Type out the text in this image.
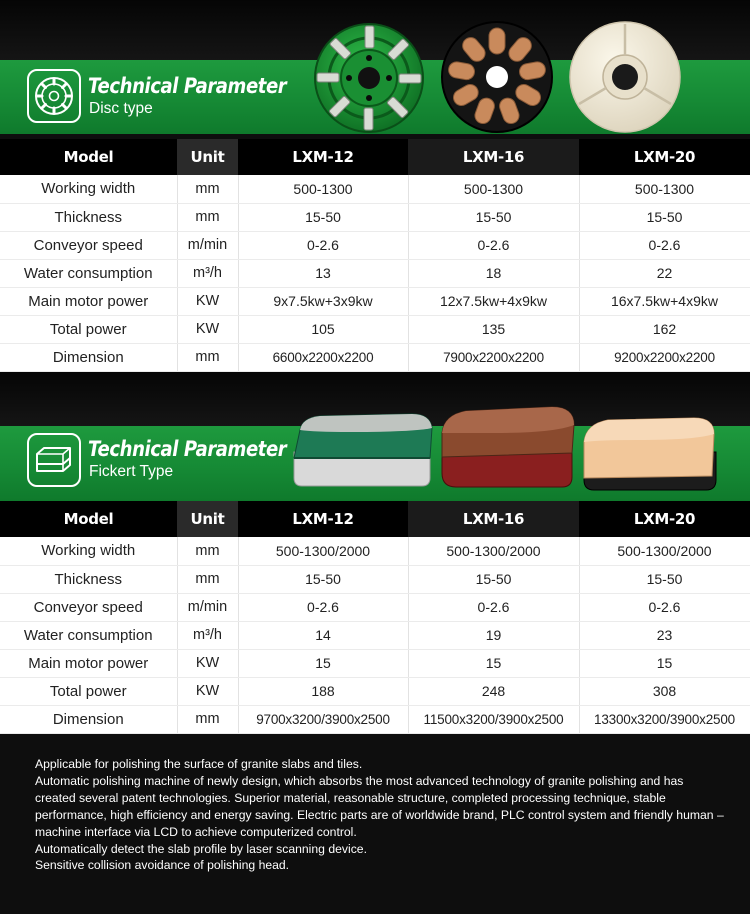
Technical Parameter
Disc type
Model	Unit	LXM-12	LXM-16	LXM-20
Working width	mm	500-1300	500-1300	500-1300
Thickness	mm	15-50	15-50	15-50
Conveyor speed	m/min	0-2.6	0-2.6	0-2.6
Water consumption	m³/h	13	18	22
Main motor power	KW	9x7.5kw+3x9kw	12x7.5kw+4x9kw	16x7.5kw+4x9kw
Total power	KW	105	135	162
Dimension	mm	6600x2200x2200	7900x2200x2200	9200x2200x2200
Technical Parameter
Fickert Type
Model	Unit	LXM-12	LXM-16	LXM-20
Working width	mm	500-1300/2000	500-1300/2000	500-1300/2000
Thickness	mm	15-50	15-50	15-50
Conveyor speed	m/min	0-2.6	0-2.6	0-2.6
Water consumption	m³/h	14	19	23
Main motor power	KW	15	15	15
Total power	KW	188	248	308
Dimension	mm	9700x3200/3900x2500	11500x3200/3900x2500	13300x3200/3900x2500

Applicable for polishing the surface of granite slabs and tiles.

Automatic polishing machine of newly design, which absorbs the most advanced technology of granite polishing and has created several patent technologies. Superior material, reasonable structure, completed processing technique, stable performance, high efficiency and energy saving. Electric parts are of worldwide brand, PLC control system and friendly human – machine interface via LCD to achieve computerized control.

Automatically detect the slab profile by laser scanning device.

Sensitive collision avoidance of polishing head.
